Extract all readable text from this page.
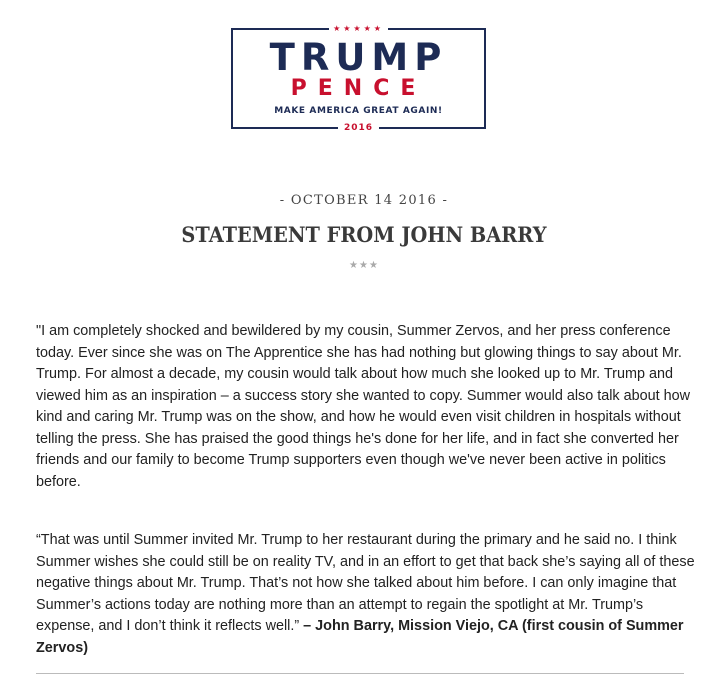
★★★★★
TRUMP
PENCE
MAKE AMERICA GREAT AGAIN!
2016
- OCTOBER 14 2016 -
STATEMENT FROM JOHN BARRY
★★★
"I am completely shocked and bewildered by my cousin, Summer Zervos, and her press conference today. Ever since she was on The Apprentice she has had nothing but glowing things to say about Mr. Trump. For almost a decade, my cousin would talk about how much she looked up to Mr. Trump and viewed him as an inspiration – a success story she wanted to copy. Summer would also talk about how kind and caring Mr. Trump was on the show, and how he would even visit children in hospitals without telling the press. She has praised the good things he's done for her life, and in fact she converted her friends and our family to become Trump supporters even though we've never been active in politics before.
“That was until Summer invited Mr. Trump to her restaurant during the primary and he said no. I think Summer wishes she could still be on reality TV, and in an effort to get that back she’s saying all of these negative things about Mr. Trump. That’s not how she talked about him before. I can only imagine that Summer’s actions today are nothing more than an attempt to regain the spotlight at Mr. Trump’s expense, and I don’t think it reflects well.” – John Barry, Mission Viejo, CA (first cousin of Summer Zervos)
